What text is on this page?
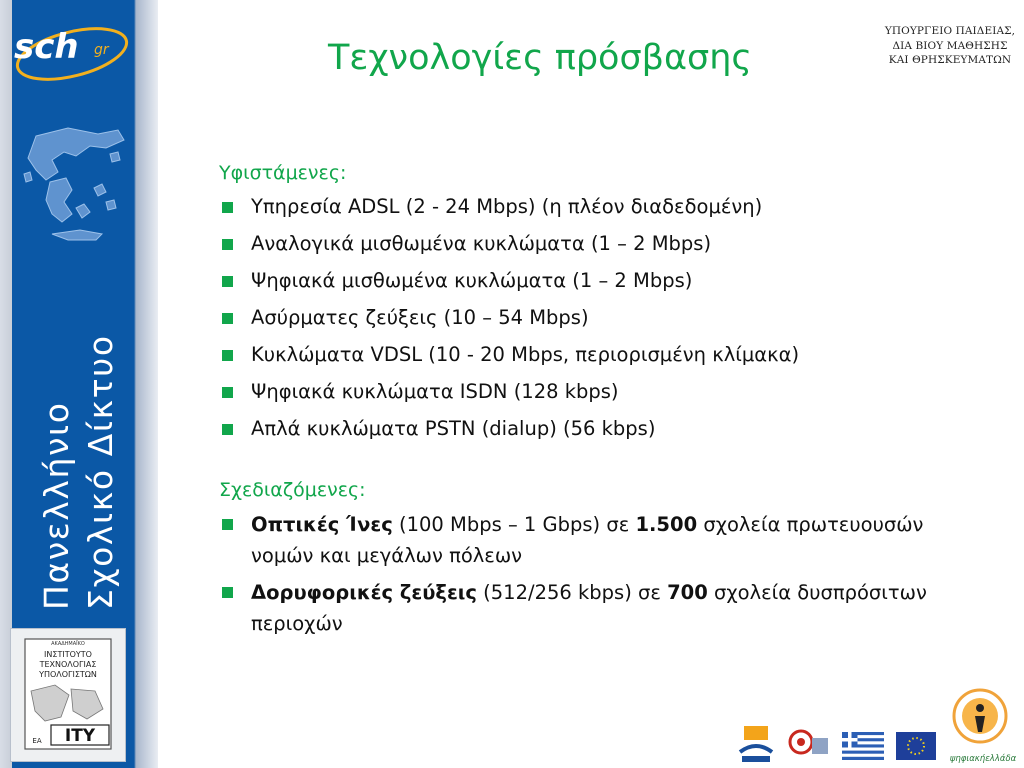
Πανελλήνιο Σχολικό Δίκτυο
sch gr
ΑΚΑΔΗΜΑΪΚΟ
ΙΝΣΤΙΤΟΥΤΟ
ΤΕΧΝΟΛΟΓΙΑΣ
ΥΠΟΛΟΓΙΣΤΩΝ
ΙΤΥ
ΕΑ
Τεχνολογίες πρόσβασης
ΥΠΟΥΡΓΕΙΟ ΠΑΙΔΕΙΑΣ,
ΔΙΑ ΒΙΟΥ ΜΑΘΗΣΗΣ
ΚΑΙ ΘΡΗΣΚΕΥΜΑΤΩΝ
Υφιστάμενες:
Υπηρεσία ADSL (2 - 24 Mbps) (η πλέον διαδεδομένη)
Αναλογικά μισθωμένα κυκλώματα (1 – 2 Mbps)
Ψηφιακά μισθωμένα κυκλώματα (1 – 2 Mbps)
Ασύρματες ζεύξεις (10 – 54 Mbps)
Κυκλώματα VDSL (10 - 20 Mbps, περιορισμένη κλίμακα)
Ψηφιακά κυκλώματα ISDN (128 kbps)
Απλά κυκλώματα PSTN (dialup) (56 kbps)
Σχεδιαζόμενες:
Οπτικές Ίνες (100 Mbps – 1 Gbps) σε 1.500 σχολεία πρωτευουσών νομών και μεγάλων πόλεων
Δορυφορικές ζεύξεις (512/256 kbps) σε 700 σχολεία δυσπρόσιτων περιοχών
ψηφιακήελλάδα
